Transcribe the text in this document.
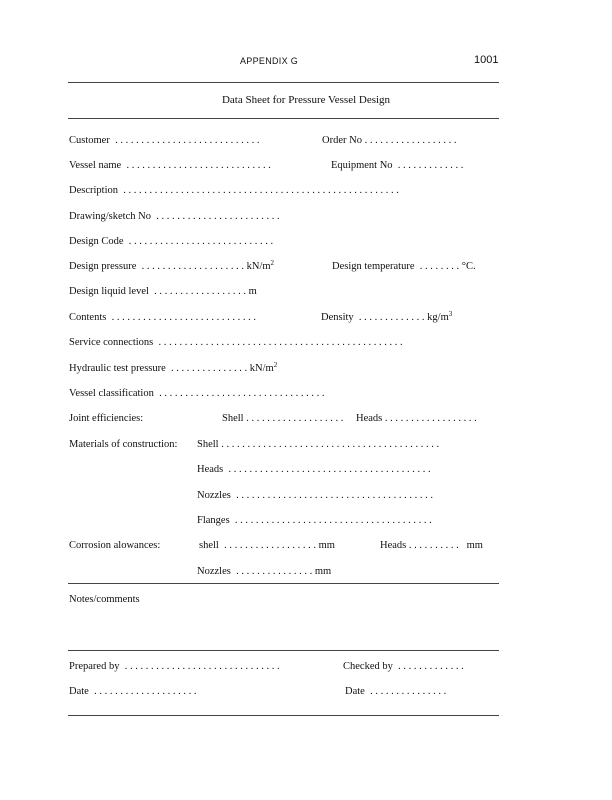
APPENDIX G	1001
Data Sheet for Pressure Vessel Design
Customer  . . . . . . . . . . . . . . . . . . . . . . . . . . . .	Order No . . . . . . . . . . . . . . . . . .
Vessel name  . . . . . . . . . . . . . . . . . . . . . . . . . . . .	Equipment No  . . . . . . . . . . . . .
Description  . . . . . . . . . . . . . . . . . . . . . . . . . . . . . . . . . . . . . . . . . . . . . . . . . . . . .
Drawing/sketch No  . . . . . . . . . . . . . . . . . . . . . . . .
Design Code  . . . . . . . . . . . . . . . . . . . . . . . . . . . .
Design pressure  . . . . . . . . . . . . . . . . . . . . $kN/m^2$	Design temperature  . . . . . . . . °C.
Design liquid level  . . . . . . . . . . . . . . . . . . m
Contents  . . . . . . . . . . . . . . . . . . . . . . . . . . . .	Density  . . . . . . . . . . . . . $kg/m^3$
Service connections  . . . . . . . . . . . . . . . . . . . . . . . . . . . . . . . . . . . . . . . . . . . . . . .
Hydraulic test pressure  . . . . . . . . . . . . . . . $kN/m^2$
Vessel classification  . . . . . . . . . . . . . . . . . . . . . . . . . . . . . . . .
Joint efficiencies:	Shell . . . . . . . . . . . . . . . . . . . Heads . . . . . . . . . . . . . . . . . .
Materials of construction: Shell . . . . . . . . . . . . . . . . . . . . . . . . . . . . . . . . . . . . . . . . . .
Heads  . . . . . . . . . . . . . . . . . . . . . . . . . . . . . . . . . . . . . . .
Nozzles  . . . . . . . . . . . . . . . . . . . . . . . . . . . . . . . . . . . . . .
Flanges  . . . . . . . . . . . . . . . . . . . . . . . . . . . . . . . . . . . . . .
Corrosion alowances:	shell  . . . . . . . . . . . . . . . . . . mm	Heads . . . . . . . . . .   mm
Nozzles  . . . . . . . . . . . . . . . mm
Notes/comments
Prepared by  . . . . . . . . . . . . . . . . . . . . . . . . . . . . . .	Checked by  . . . . . . . . . . . . .
Date  . . . . . . . . . . . . . . . . . . . .	Date  . . . . . . . . . . . . . . .
